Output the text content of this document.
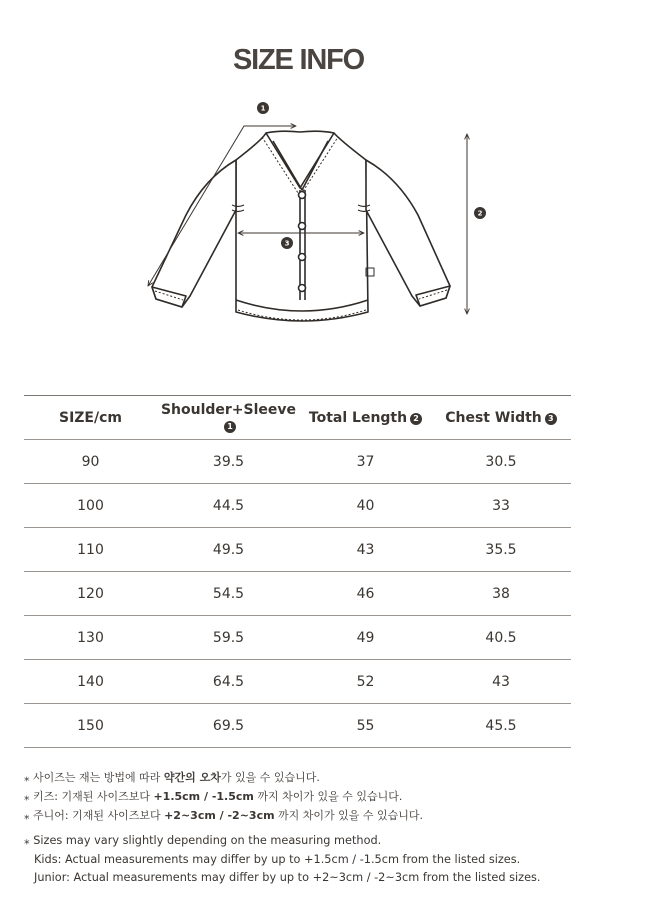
SIZE INFO
1
2
3
SIZE/cm	Shoulder+Sleeve1	Total Length 2	Chest Width 3
90	39.5	37	30.5
100	44.5	40	33
110	49.5	43	35.5
120	54.5	46	38
130	59.5	49	40.5
140	64.5	52	43
150	69.5	55	45.5

⁎ 사이즈는 재는 방법에 따라 약간의 오차가 있을 수 있습니다.

⁎ 키즈: 기재된 사이즈보다 +1.5cm / -1.5cm 까지 차이가 있을 수 있습니다.

⁎ 주니어: 기재된 사이즈보다 +2~3cm / -2~3cm 까지 차이가 있을 수 있습니다.

⁎ Sizes may vary slightly depending on the measuring method.

Kids: Actual measurements may differ by up to +1.5cm / -1.5cm from the listed sizes.

Junior: Actual measurements may differ by up to +2~3cm / -2~3cm from the listed sizes.
